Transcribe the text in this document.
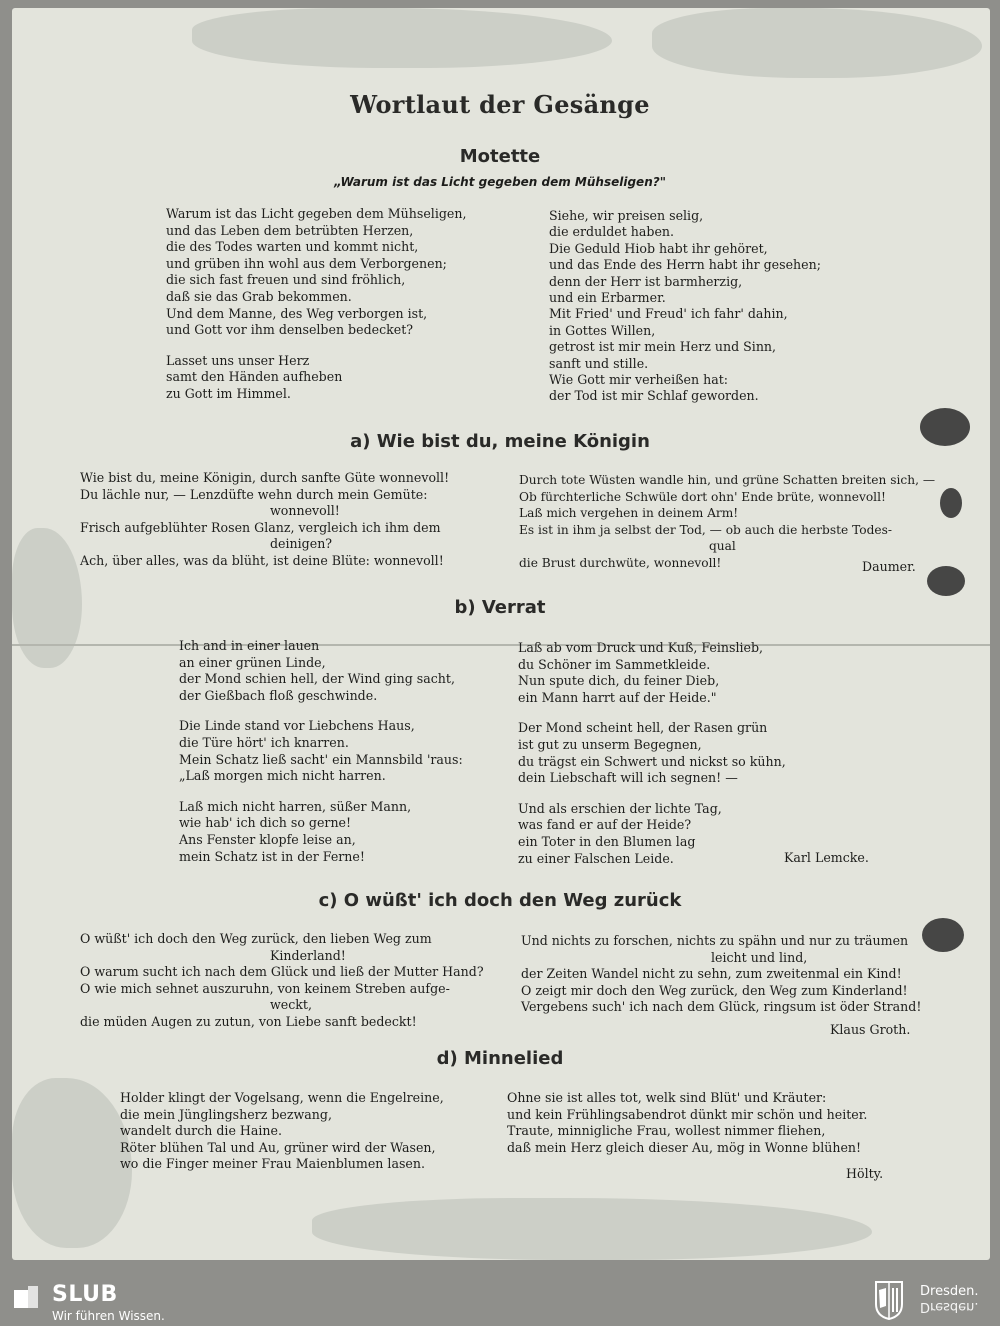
Wortlaut der Gesänge
Motette
„Warum ist das Licht gegeben dem Mühseligen?"
Warum ist das Licht gegeben dem Mühseligen,
und das Leben dem betrübten Herzen,
die des Todes warten und kommt nicht,
und grüben ihn wohl aus dem Verborgenen;
die sich fast freuen und sind fröhlich,
daß sie das Grab bekommen.
Und dem Manne, des Weg verborgen ist,
und Gott vor ihm denselben bedecket?
Lasset uns unser Herz
samt den Händen aufheben
zu Gott im Himmel.
Siehe, wir preisen selig,
die erduldet haben.
Die Geduld Hiob habt ihr gehöret,
und das Ende des Herrn habt ihr gesehen;
denn der Herr ist barmherzig,
und ein Erbarmer.
Mit Fried' und Freud' ich fahr' dahin,
in Gottes Willen,
getrost ist mir mein Herz und Sinn,
sanft und stille.
Wie Gott mir verheißen hat:
der Tod ist mir Schlaf geworden.
a) Wie bist du, meine Königin
Wie bist du, meine Königin, durch sanfte Güte wonnevoll!
Du lächle nur, — Lenzdüfte wehn durch mein Gemüte:
wonnevoll!
Frisch aufgeblühter Rosen Glanz, vergleich ich ihm dem
deinigen?
Ach, über alles, was da blüht, ist deine Blüte: wonnevoll!
Durch tote Wüsten wandle hin, und grüne Schatten breiten sich, —
Ob fürchterliche Schwüle dort ohn' Ende brüte, wonnevoll!
Laß mich vergehen in deinem Arm!
Es ist in ihm ja selbst der Tod, — ob auch die herbste Todes-
qual
die Brust durchwüte, wonnevoll!	Daumer.
b) Verrat
Ich and in einer lauen
an einer grünen Linde,
der Mond schien hell, der Wind ging sacht,
der Gießbach floß geschwinde.
Die Linde stand vor Liebchens Haus,
die Türe hört' ich knarren.
Mein Schatz ließ sacht' ein Mannsbild 'raus:
„Laß morgen mich nicht harren.
Laß mich nicht harren, süßer Mann,
wie hab' ich dich so gerne!
Ans Fenster klopfe leise an,
mein Schatz ist in der Ferne!
Laß ab vom Druck und Kuß, Feinslieb,
du Schöner im Sammetkleide.
Nun spute dich, du feiner Dieb,
ein Mann harrt auf der Heide."
Der Mond scheint hell, der Rasen grün
ist gut zu unserm Begegnen,
du trägst ein Schwert und nickst so kühn,
dein Liebschaft will ich segnen! —
Und als erschien der lichte Tag,
was fand er auf der Heide?
ein Toter in den Blumen lag
zu einer Falschen Leide.	Karl Lemcke.
c) O wüßt' ich doch den Weg zurück
O wüßt' ich doch den Weg zurück, den lieben Weg zum
Kinderland!
O warum sucht ich nach dem Glück und ließ der Mutter Hand?
O wie mich sehnet auszuruhn, von keinem Streben aufge-
weckt,
die müden Augen zu zutun, von Liebe sanft bedeckt!
Und nichts zu forschen, nichts zu spähn und nur zu träumen
leicht und lind,
der Zeiten Wandel nicht zu sehn, zum zweitenmal ein Kind!
O zeigt mir doch den Weg zurück, den Weg zum Kinderland!
Vergebens such' ich nach dem Glück, ringsum ist öder Strand!
Klaus Groth.
d) Minnelied
Holder klingt der Vogelsang, wenn die Engelreine,
die mein Jünglingsherz bezwang,
wandelt durch die Haine.
Röter blühen Tal und Au, grüner wird der Wasen,
wo die Finger meiner Frau Maienblumen lasen.
Ohne sie ist alles tot, welk sind Blüt' und Kräuter:
und kein Frühlingsabendrot dünkt mir schön und heiter.
Traute, minnigliche Frau, wollest nimmer fliehen,
daß mein Herz gleich dieser Au, mög in Wonne blühen!
Hölty.
SLUB
Wir führen Wissen.
Dresden.
Dresden.
